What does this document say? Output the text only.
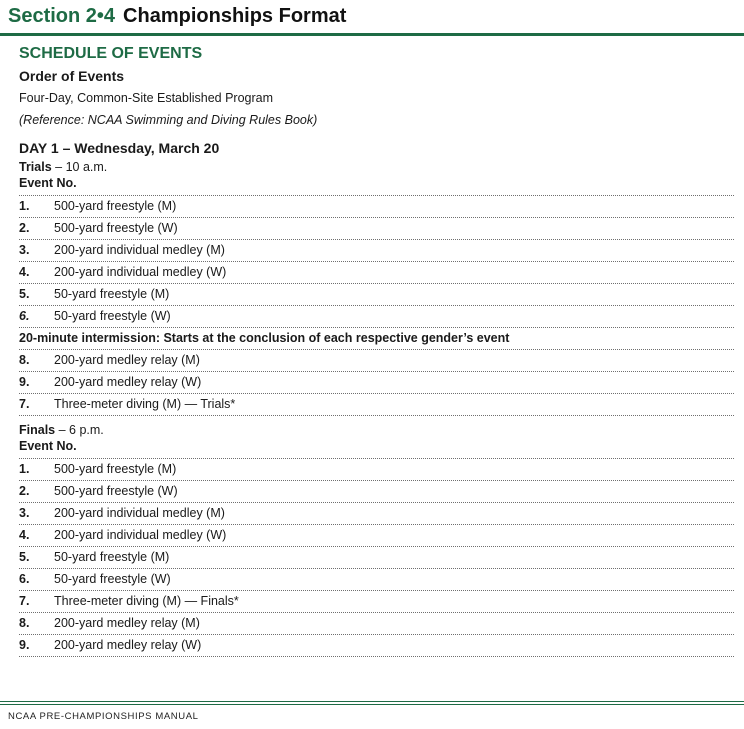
Section 2•4 Championships Format
SCHEDULE OF EVENTS
Order of Events
Four-Day, Common-Site Established Program
(Reference: NCAA Swimming and Diving Rules Book)
DAY 1 – Wednesday, March 20
Trials – 10 a.m.
Event No.
1. 500-yard freestyle (M)
2. 500-yard freestyle (W)
3. 200-yard individual medley (M)
4. 200-yard individual medley (W)
5. 50-yard freestyle (M)
6. 50-yard freestyle (W)
20-minute intermission: Starts at the conclusion of each respective gender’s event
8. 200-yard medley relay (M)
9. 200-yard medley relay (W)
7. Three-meter diving (M) — Trials*
Finals – 6 p.m.
Event No.
1. 500-yard freestyle (M)
2. 500-yard freestyle (W)
3. 200-yard individual medley (M)
4. 200-yard individual medley (W)
5. 50-yard freestyle (M)
6. 50-yard freestyle (W)
7. Three-meter diving (M) — Finals*
8. 200-yard medley relay (M)
9. 200-yard medley relay (W)
NCAA PRE-CHAMPIONSHIPS MANUAL
